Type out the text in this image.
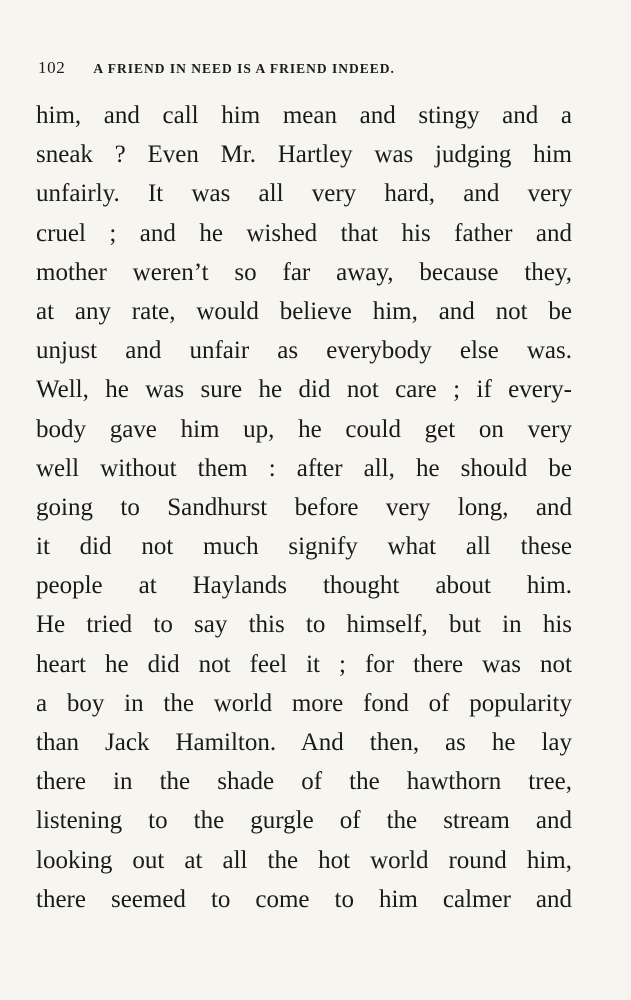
102 A FRIEND IN NEED IS A FRIEND INDEED.
him, and call him mean and stingy and a
sneak ? Even Mr. Hartley was judging him
unfairly. It was all very hard, and very
cruel ; and he wished that his father and
mother weren’t so far away, because they,
at any rate, would believe him, and not be
unjust and unfair as everybody else was.
Well, he was sure he did not care ; if every-
body gave him up, he could get on very
well without them : after all, he should be
going to Sandhurst before very long, and
it did not much signify what all these
people at Haylands thought about him.
He tried to say this to himself, but in his
heart he did not feel it ; for there was not
a boy in the world more fond of popularity
than Jack Hamilton. And then, as he lay
there in the shade of the hawthorn tree,
listening to the gurgle of the stream and
looking out at all the hot world round him,
there seemed to come to him calmer and
